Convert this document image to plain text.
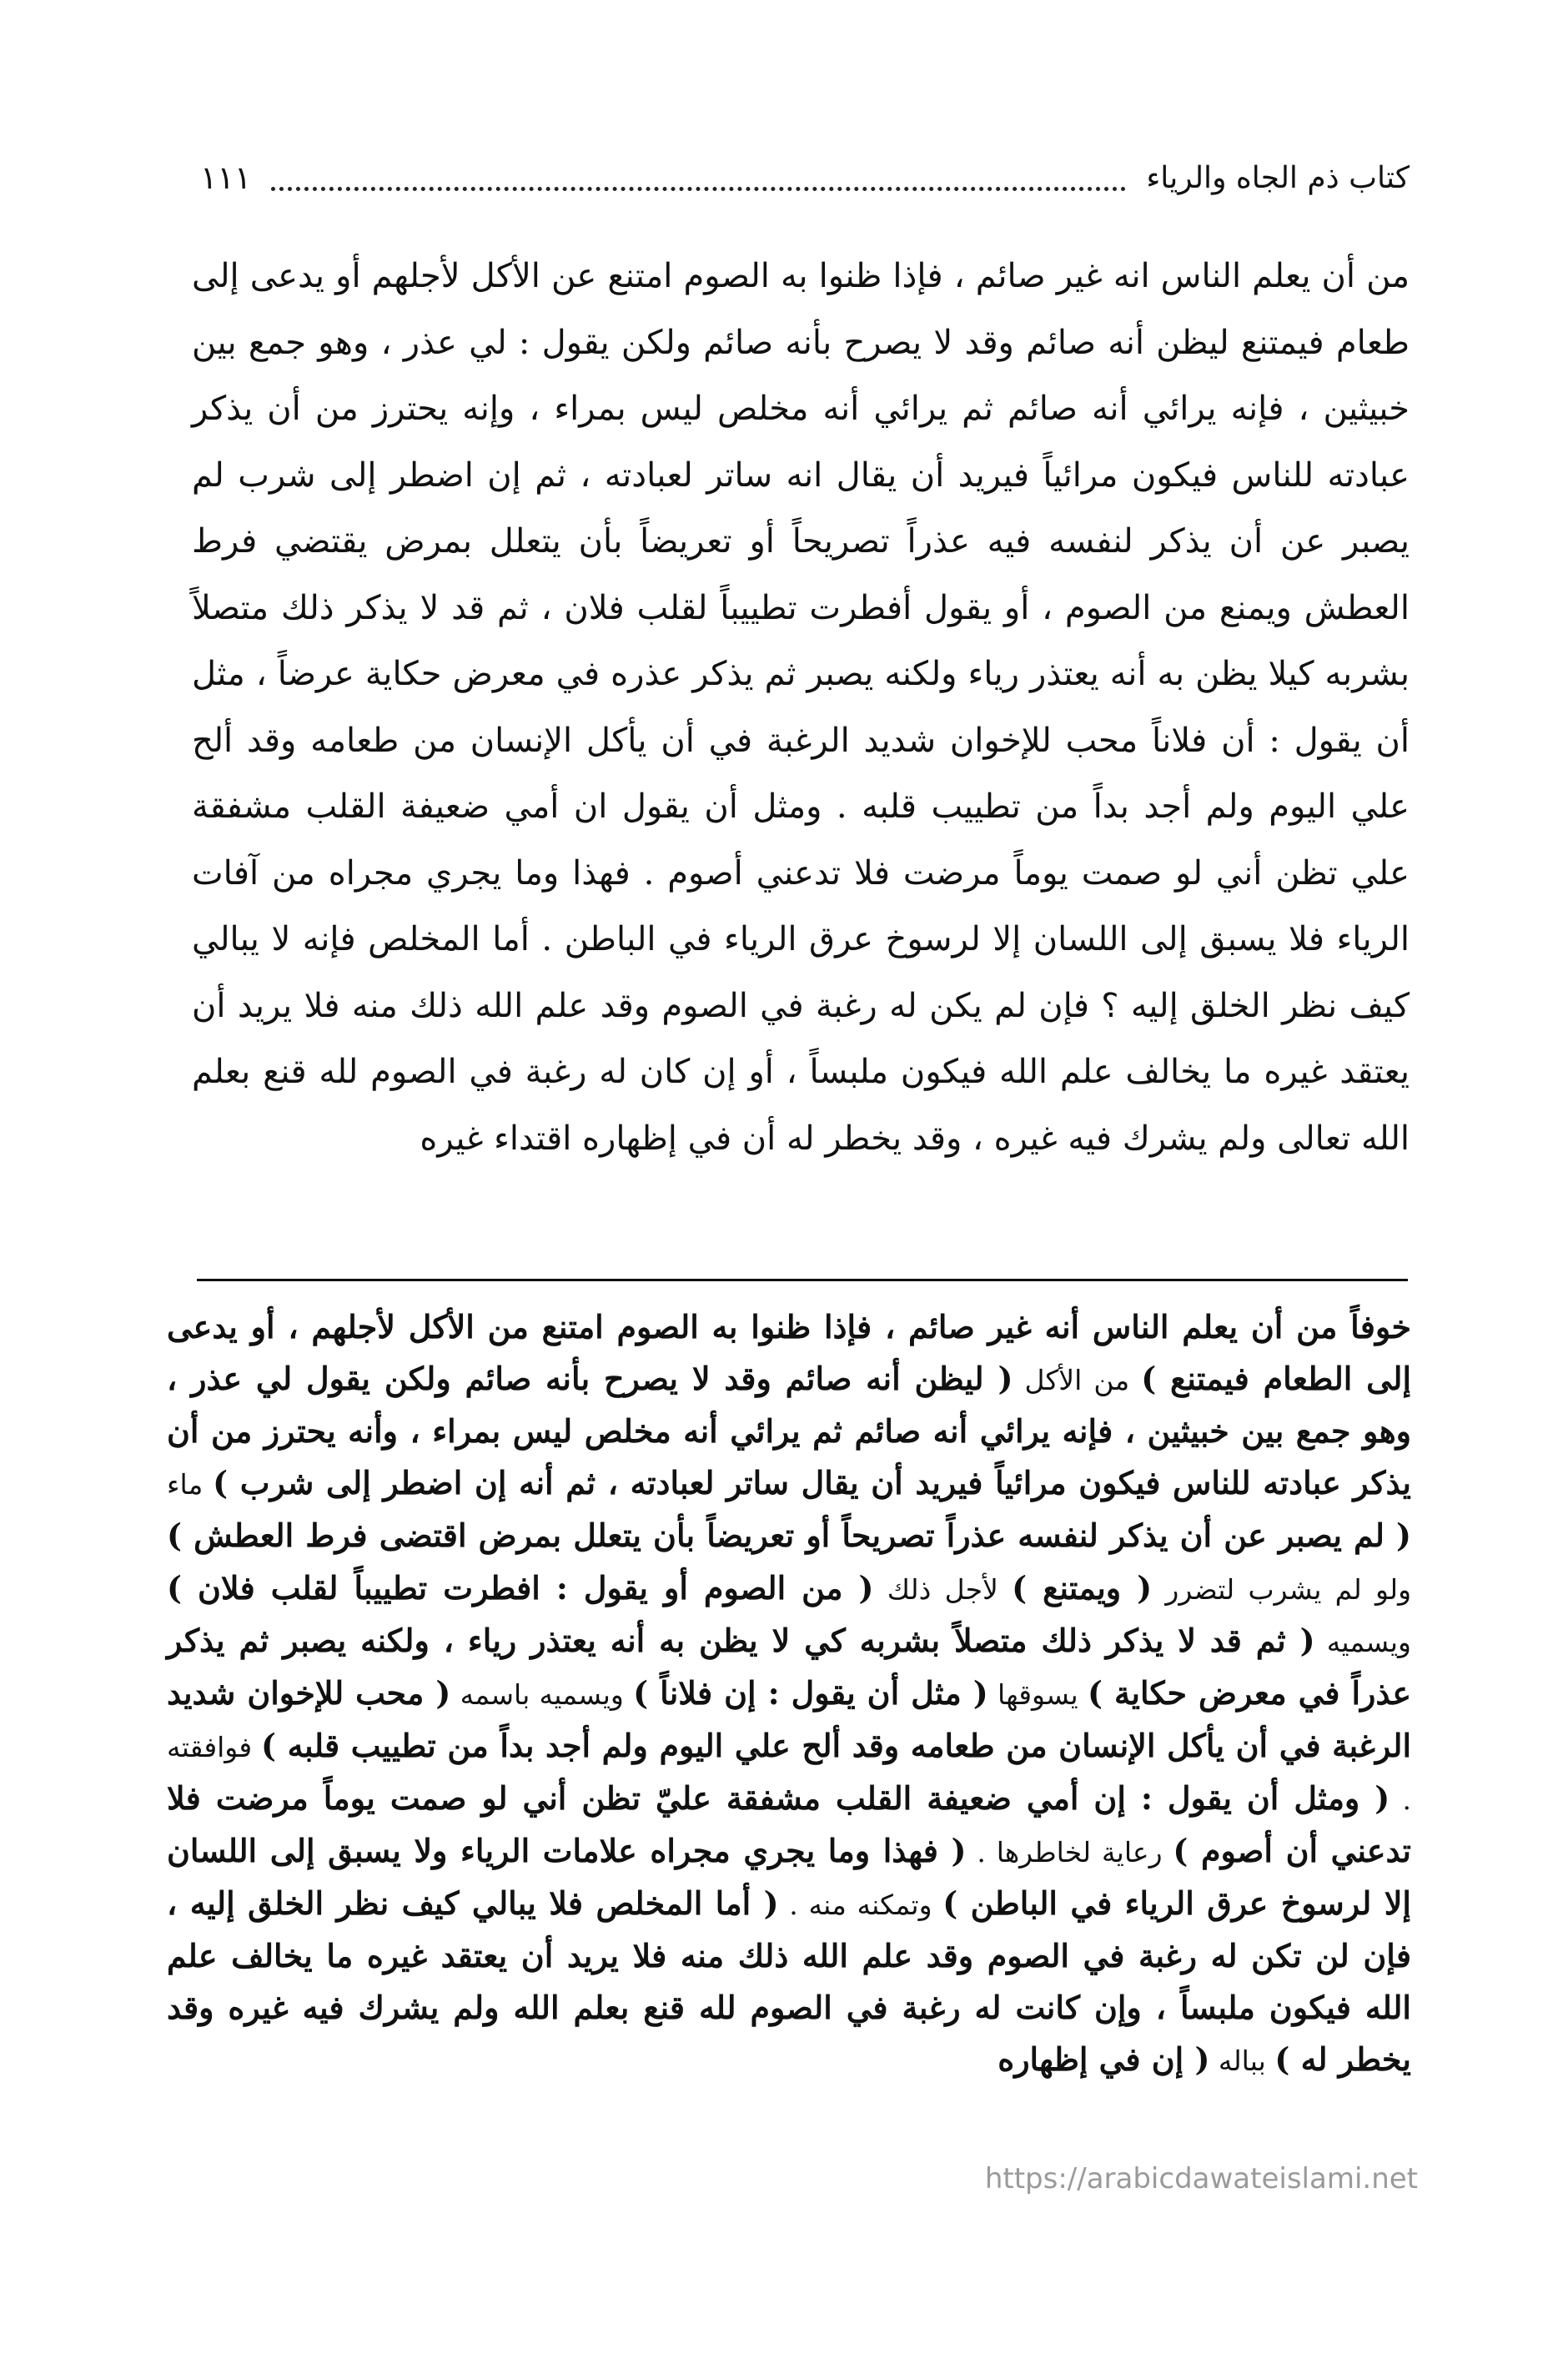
كتاب ذم الجاه والرياء
١١١

من أن يعلم الناس انه غير صائم ، فإذا ظنوا به الصوم امتنع عن الأكل لأجلهم أو يدعى إلى طعام فيمتنع ليظن أنه صائم وقد لا يصرح بأنه صائم ولكن يقول : لي عذر ، وهو جمع بين خبيثين ، فإنه يرائي أنه صائم ثم يرائي أنه مخلص ليس بمراء ، وإنه يحترز من أن يذكر عبادته للناس فيكون مرائياً فيريد أن يقال انه ساتر لعبادته ، ثم إن اضطر إلى شرب لم يصبر عن أن يذكر لنفسه فيه عذراً تصريحاً أو تعريضاً بأن يتعلل بمرض يقتضي فرط العطش ويمنع من الصوم ، أو يقول أفطرت تطييباً لقلب فلان ، ثم قد لا يذكر ذلك متصلاً بشربه كيلا يظن به أنه يعتذر رياء ولكنه يصبر ثم يذكر عذره في معرض حكاية عرضاً ، مثل أن يقول : أن فلاناً محب للإخوان شديد الرغبة في أن يأكل الإنسان من طعامه وقد ألح علي اليوم ولم أجد بداً من تطييب قلبه . ومثل أن يقول ان أمي ضعيفة القلب مشفقة علي تظن أني لو صمت يوماً مرضت فلا تدعني أصوم . فهذا وما يجري مجراه من آفات الرياء فلا يسبق إلى اللسان إلا لرسوخ عرق الرياء في الباطن . أما المخلص فإنه لا يبالي كيف نظر الخلق إليه ؟ فإن لم يكن له رغبة في الصوم وقد علم الله ذلك منه فلا يريد أن يعتقد غيره ما يخالف علم الله فيكون ملبساً ، أو إن كان له رغبة في الصوم لله قنع بعلم الله تعالى ولم يشرك فيه غيره ، وقد يخطر له أن في إظهاره اقتداء غيره

خوفاً من أن يعلم الناس أنه غير صائم ، فإذا ظنوا به الصوم امتنع من الأكل لأجلهم ، أو يدعى إلى الطعام فيمتنع ) من الأكل ( ليظن أنه صائم وقد لا يصرح بأنه صائم ولكن يقول لي عذر ، وهو جمع بين خبيثين ، فإنه يرائي أنه صائم ثم يرائي أنه مخلص ليس بمراء ، وأنه يحترز من أن يذكر عبادته للناس فيكون مرائياً فيريد أن يقال ساتر لعبادته ، ثم أنه إن اضطر إلى شرب ) ماء ( لم يصبر عن أن يذكر لنفسه عذراً تصريحاً أو تعريضاً بأن يتعلل بمرض اقتضى فرط العطش ) ولو لم يشرب لتضرر ( ويمتنع ) لأجل ذلك ( من الصوم أو يقول : افطرت تطييباً لقلب فلان ) ويسميه ( ثم قد لا يذكر ذلك متصلاً بشربه كي لا يظن به أنه يعتذر رياء ، ولكنه يصبر ثم يذكر عذراً في معرض حكاية ) يسوقها ( مثل أن يقول : إن فلاناً ) ويسميه باسمه ( محب للإخوان شديد الرغبة في أن يأكل الإنسان من طعامه وقد ألح علي اليوم ولم أجد بداً من تطييب قلبه ) فوافقته . ( ومثل أن يقول : إن أمي ضعيفة القلب مشفقة عليّ تظن أني لو صمت يوماً مرضت فلا تدعني أن أصوم ) رعاية لخاطرها . ( فهذا وما يجري مجراه علامات الرياء ولا يسبق إلى اللسان إلا لرسوخ عرق الرياء في الباطن ) وتمكنه منه . ( أما المخلص فلا يبالي كيف نظر الخلق إليه ، فإن لن تكن له رغبة في الصوم وقد علم الله ذلك منه فلا يريد أن يعتقد غيره ما يخالف علم الله فيكون ملبساً ، وإن كانت له رغبة في الصوم لله قنع بعلم الله ولم يشرك فيه غيره وقد يخطر له ) بباله ( إن في إظهاره

https://arabicdawateislami.net
